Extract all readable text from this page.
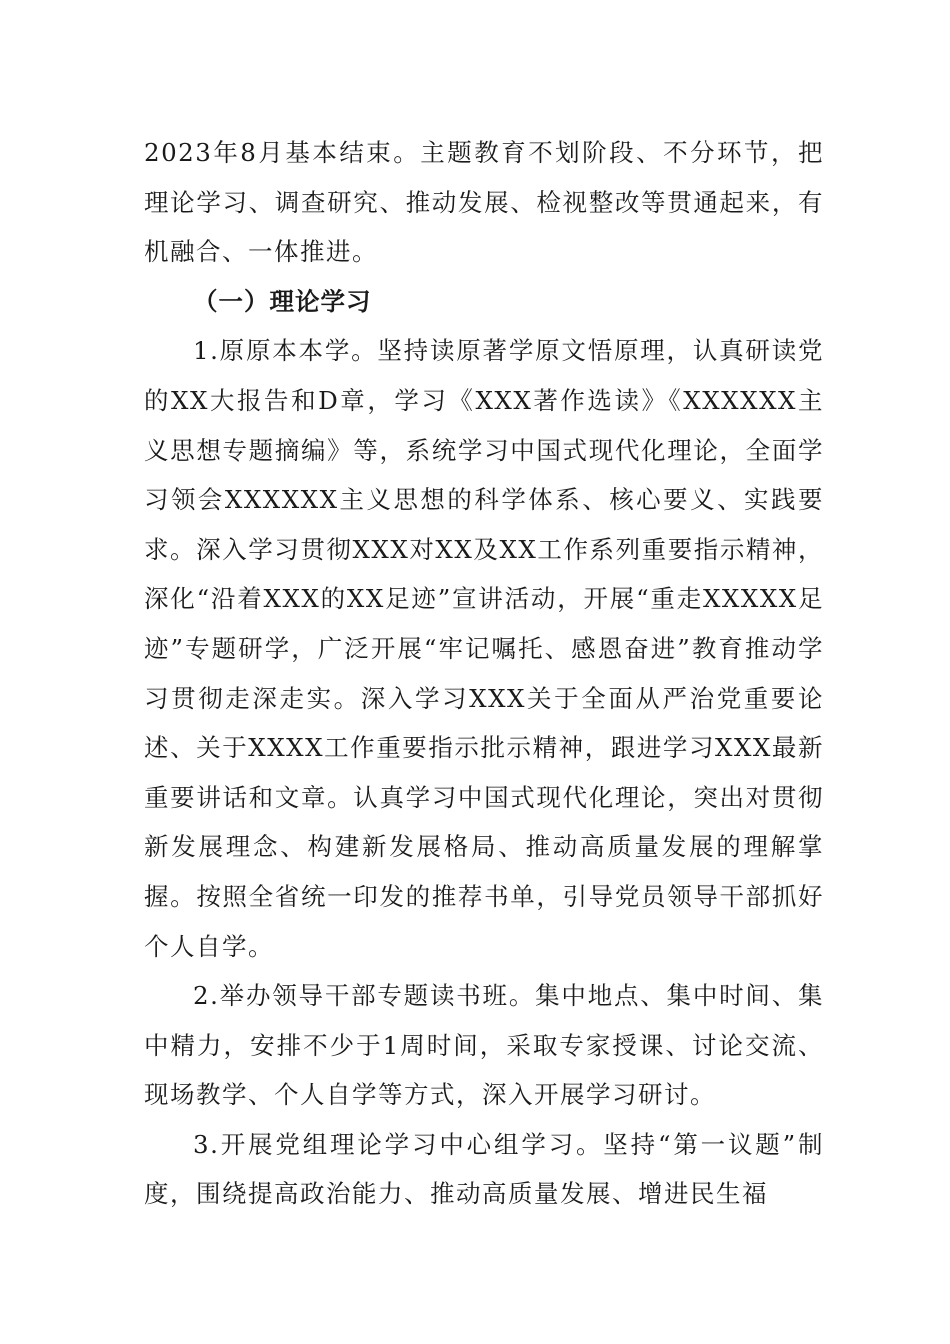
2023年8月基本结束。主题教育不划阶段、不分环节，把理论学习、调查研究、推动发展、检视整改等贯通起来，有机融合、一体推进。

（一）理论学习

1.原原本本学。坚持读原著学原文悟原理，认真研读党的XX大报告和D章，学习《XXX著作选读》《XXXXXX主义思想专题摘编》等，系统学习中国式现代化理论，全面学习领会XXXXXX主义思想的科学体系、核心要义、实践要求。深入学习贯彻XXX对XX及XX工作系列重要指示精神，深化“沿着XXX的XX足迹”宣讲活动，开展“重走XXXXX足迹”专题研学，广泛开展“牢记嘱托、感恩奋进”教育推动学习贯彻走深走实。深入学习XXX关于全面从严治党重要论述、关于XXXX工作重要指示批示精神，跟进学习XXX最新重要讲话和文章。认真学习中国式现代化理论，突出对贯彻新发展理念、构建新发展格局、推动高质量发展的理解掌握。按照全省统一印发的推荐书单，引导党员领导干部抓好个人自学。

2.举办领导干部专题读书班。集中地点、集中时间、集中精力，安排不少于1周时间，采取专家授课、讨论交流、现场教学、个人自学等方式，深入开展学习研讨。

3.开展党组理论学习中心组学习。坚持“第一议题”制度，围绕提高政治能力、推动高质量发展、增进民生福
